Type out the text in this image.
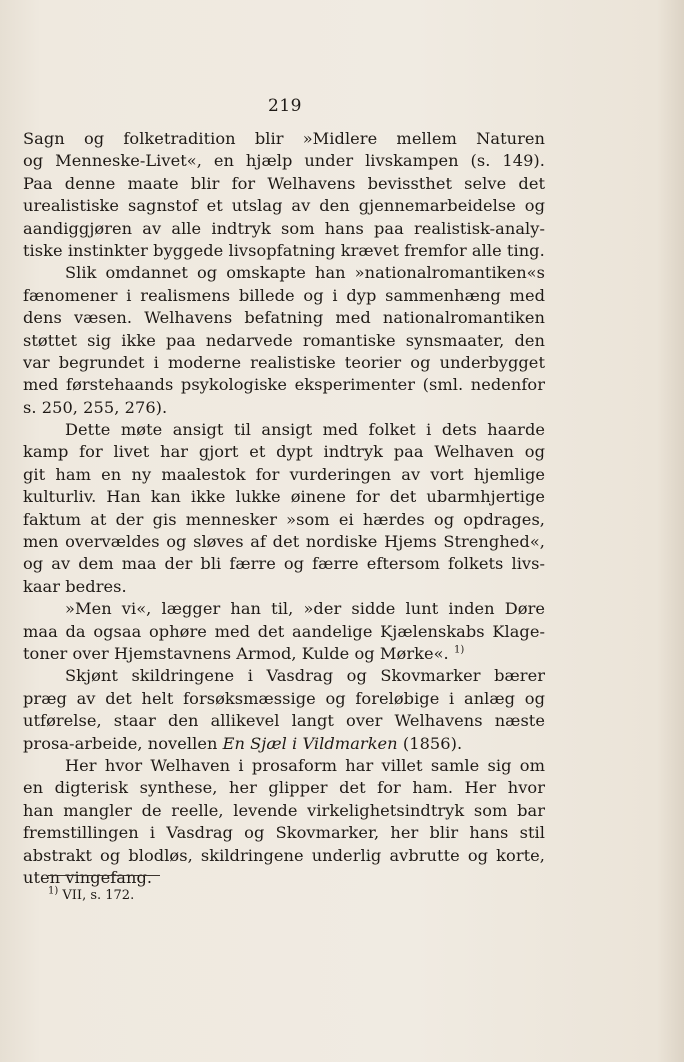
219
Sagn og folketradition blir »Midlere mellem Naturen
og Menneske-Livet«, en hjælp under livskampen (s. 149).
Paa denne maate blir for Welhavens bevissthet selve det
urealistiske sagnstof et utslag av den gjennemarbeidelse og
aandiggjøren av alle indtryk som hans paa realistisk-analy-
tiske instinkter byggede livsopfatning krævet fremfor alle ting.
Slik omdannet og omskapte han »nationalromantiken«s
fænomener i realismens billede og i dyp sammenhæng med
dens væsen. Welhavens befatning med nationalromantiken
støttet sig ikke paa nedarvede romantiske synsmaater, den
var begrundet i moderne realistiske teorier og underbygget
med førstehaands psykologiske eksperimenter (sml. nedenfor
s. 250, 255, 276).
Dette møte ansigt til ansigt med folket i dets haarde
kamp for livet har gjort et dypt indtryk paa Welhaven og
git ham en ny maalestok for vurderingen av vort hjemlige
kulturliv. Han kan ikke lukke øinene for det ubarmhjertige
faktum at der gis mennesker »som ei hærdes og opdrages,
men overvældes og sløves af det nordiske Hjems Strenghed«,
og av dem maa der bli færre og færre eftersom folkets livs-
kaar bedres.
»Men vi«, lægger han til, »der sidde lunt inden Døre
maa da ogsaa ophøre med det aandelige Kjælenskabs Klage-
toner over Hjemstavnens Armod, Kulde og Mørke«. $^{1)}$
Skjønt skildringene i Vasdrag og Skovmarker bærer
præg av det helt forsøksmæssige og foreløbige i anlæg og
utførelse, staar den allikevel langt over Welhavens næste
prosa-arbeide, novellen En Sjæl i Vildmarken (1856).
Her hvor Welhaven i prosaform har villet samle sig om
en digterisk synthese, her glipper det for ham. Her hvor
han mangler de reelle, levende virkelighetsindtryk som bar
fremstillingen i Vasdrag og Skovmarker, her blir hans stil
abstrakt og blodløs, skildringene underlig avbrutte og korte,
uten vingefang.
$^{1)}$ VII, s. 172.
